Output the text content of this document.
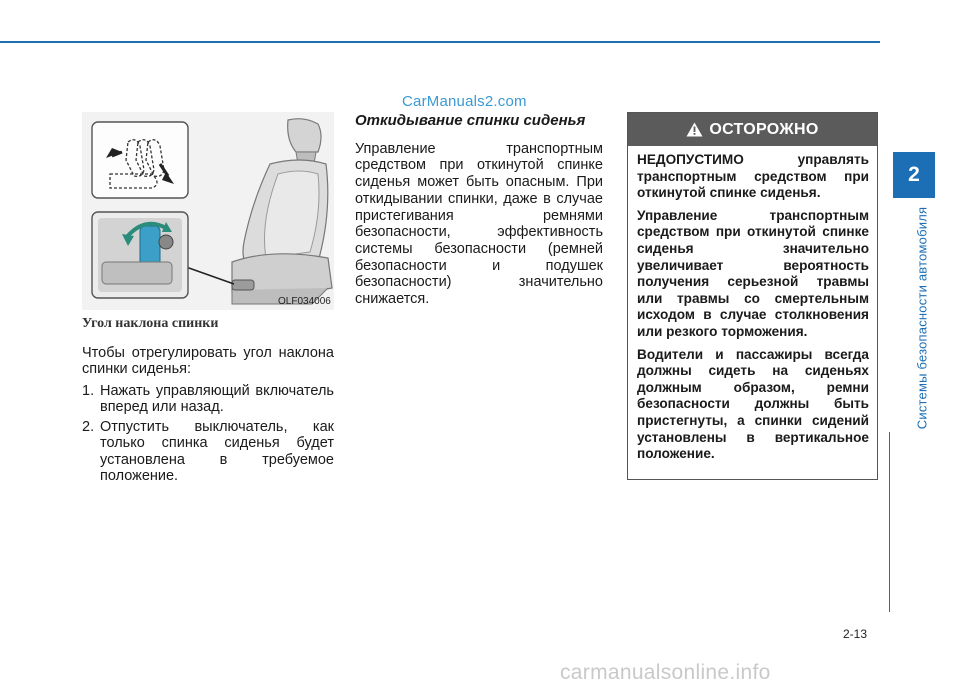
CarManuals2.com
2
Системы безопасности автомобиля
OLF034006
Угол наклона спинки

Чтобы отрегулировать угол наклона спинки сиденья:

1. Нажать управляющий включатель вперед или назад.
2. Отпустить выключатель, как только спинка сиденья будет установлена в требуемое положение.
Откидывание спинки сиденья

Управление транспортным средством при откинутой спинке сиденья может быть опасным. При откидывании спинки, даже в случае пристегивания ремнями безопасности, эффективность системы безопасности (ремней безопасности и подушек безопасности) значительно снижается.

ОСТОРОЖНО

НЕДОПУСТИМО управлять транспортным средством при откинутой спинке сиденья.

Управление транспортным средством при откинутой спинке сиденья значительно увеличивает вероятность получения серьезной травмы или травмы со смертельным исходом в случае столкновения или резкого торможения.

Водители и пассажиры всегда должны сидеть на сиденьях должным образом, ремни безопасности должны быть пристегнуты, а спинки сидений установлены в вертикальное положение.

2-13
carmanualsonline.info
